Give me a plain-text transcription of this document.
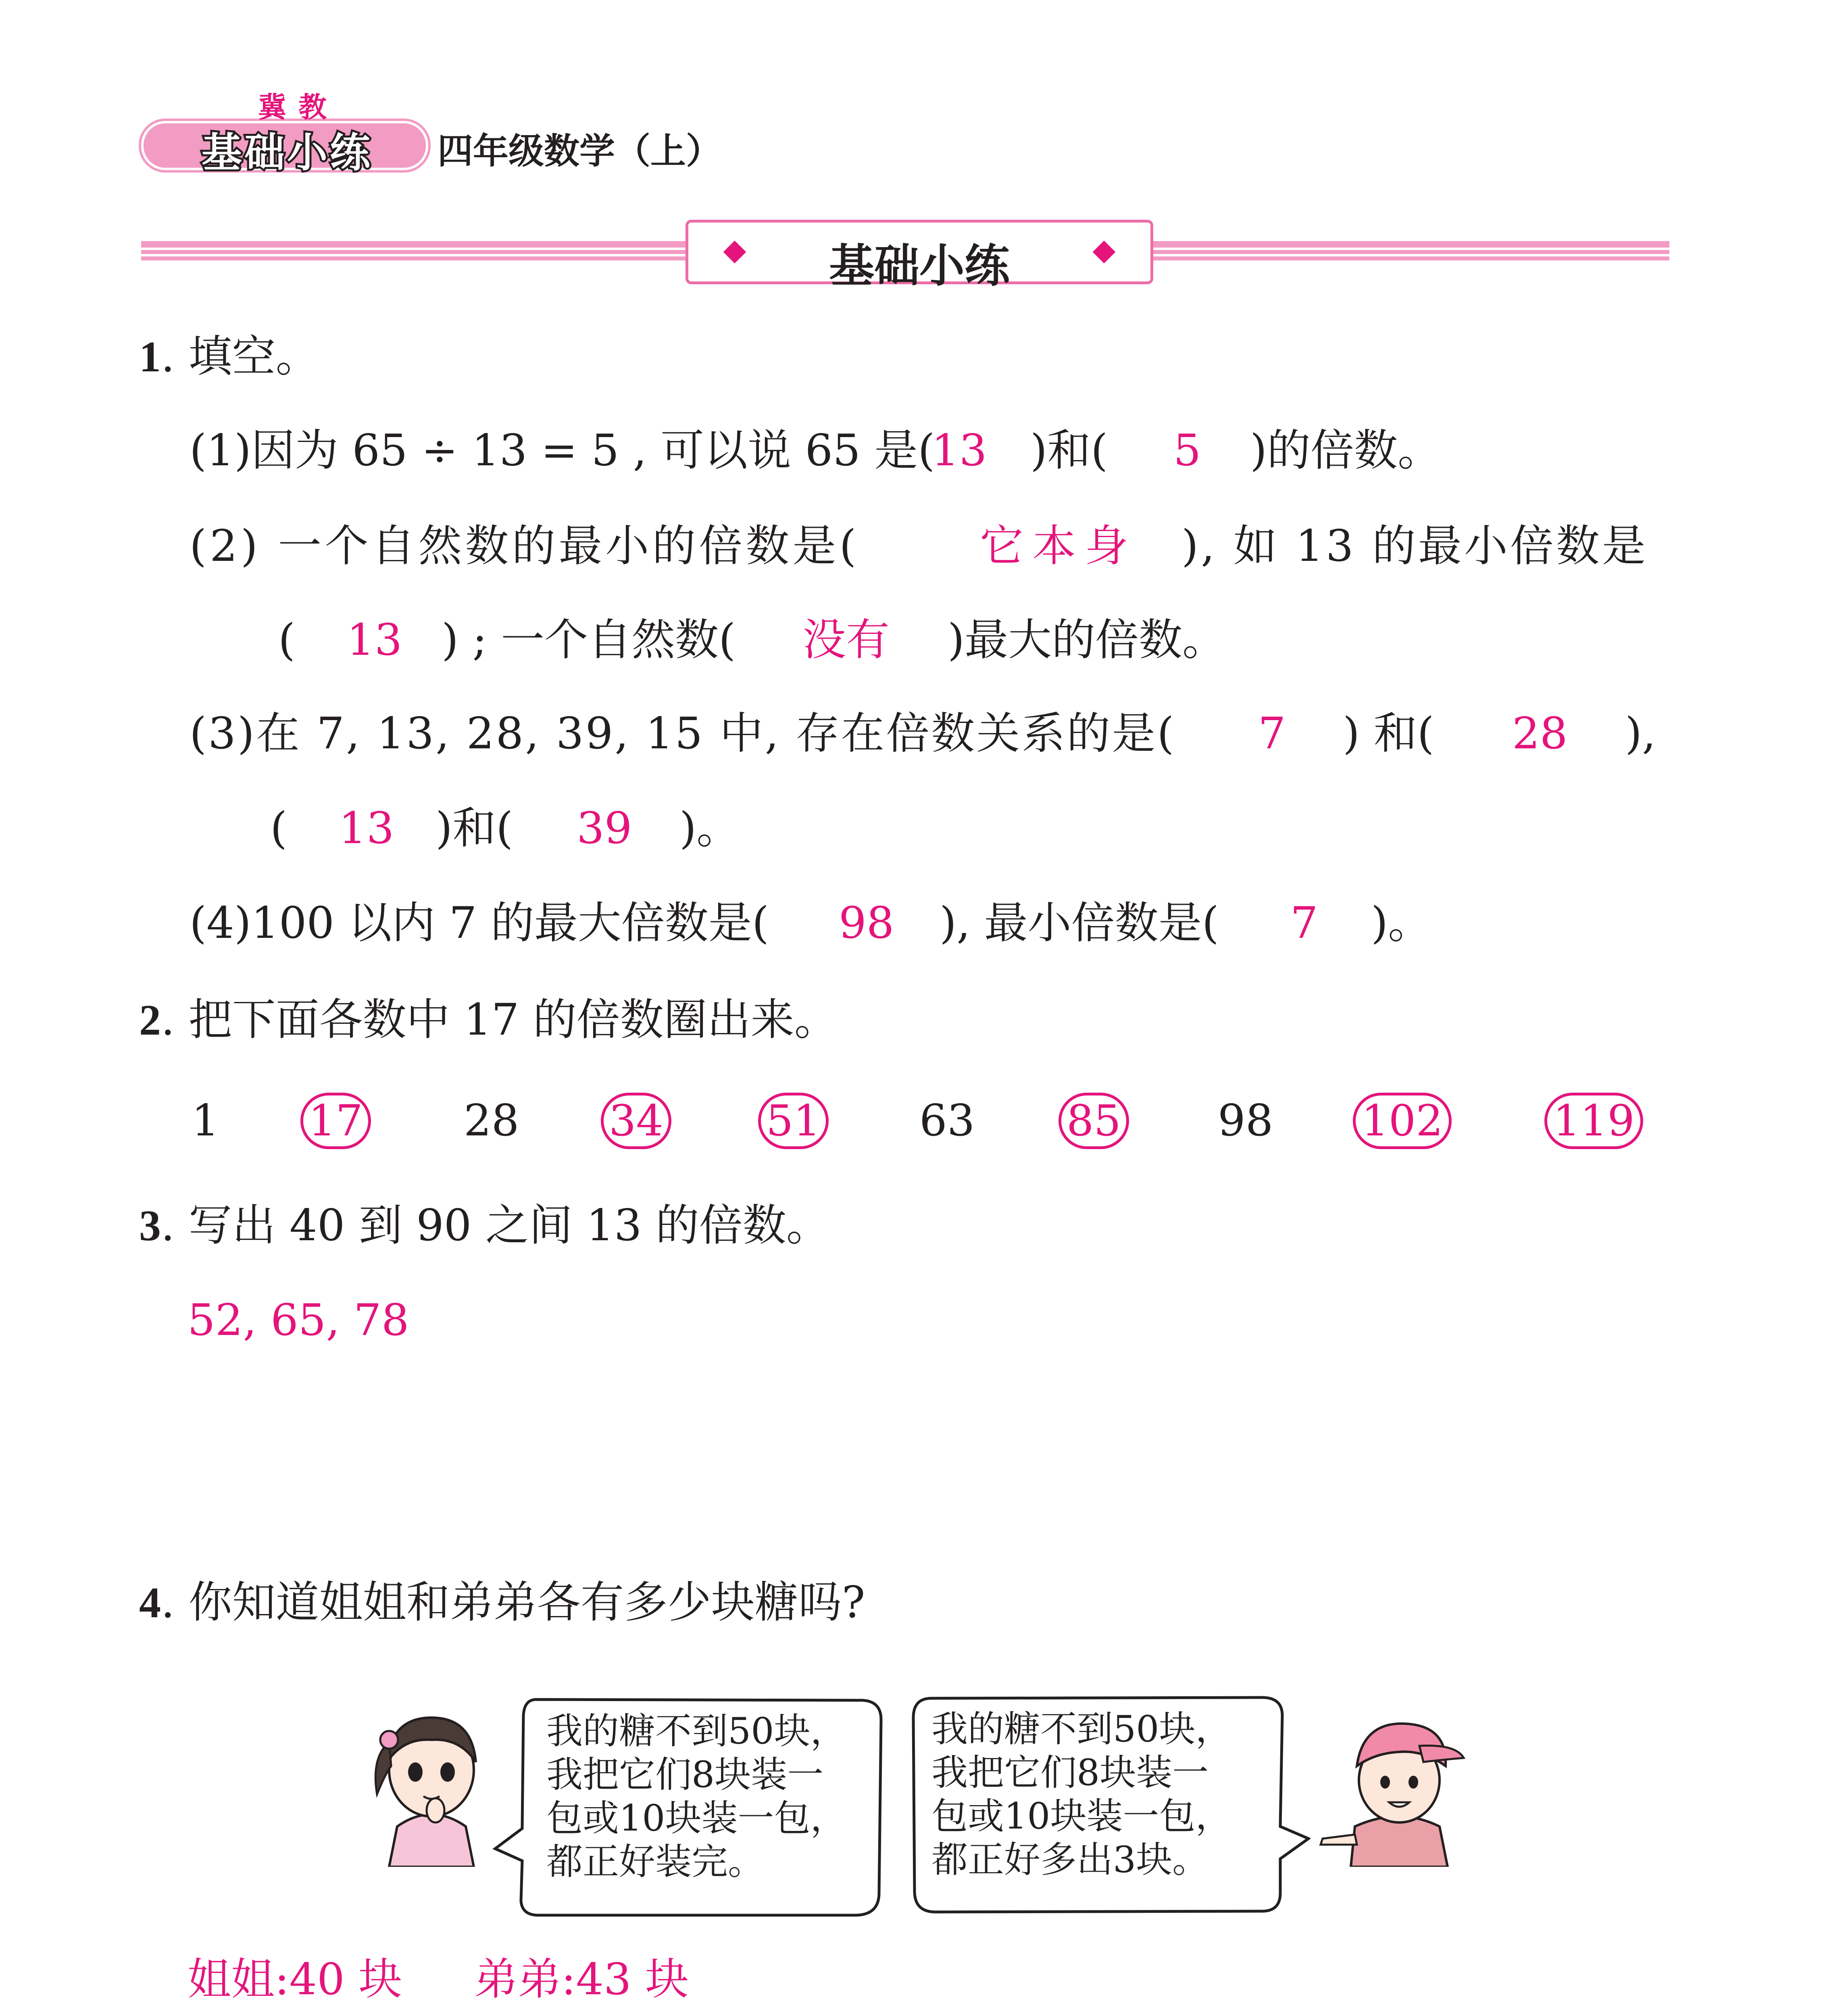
冀教
基础小练 四年级数学（上）
基础小练
1. 填空。
(1)因为 65 ÷ 13 = 5 , 可以说 65 是(
13 )和( 5 )的倍数。
(2) 一个自然数的最小的倍数是(	它本身 ), 如 13 的最小倍数是
( 13 ) ; 一个自然数( 没有 )最大的倍数。
(3)在 7, 13, 28, 39, 15 中, 存在倍数关系的是( 7 ) 和( 28 ),
( 13 )和( 39 )。
(4)100 以内 7 的最大倍数是( 98 ), 最小倍数是( 7 )。
2. 把下面各数中 17 的倍数圈出来。
1 17 28 34 51 63 85 98 102	119
3. 写出 40 到 90 之间 13 的倍数。
52, 65, 78
4. 你知道姐姐和弟弟各有多少块糖吗?
我的糖不到50块，
我把它们8块装一
包或10块装一包，
都正好装完。
我的糖不到50块，
我把它们8块装一
包或10块装一包，
都正好多出3块。
姐姐:40 块 弟弟:43 块
